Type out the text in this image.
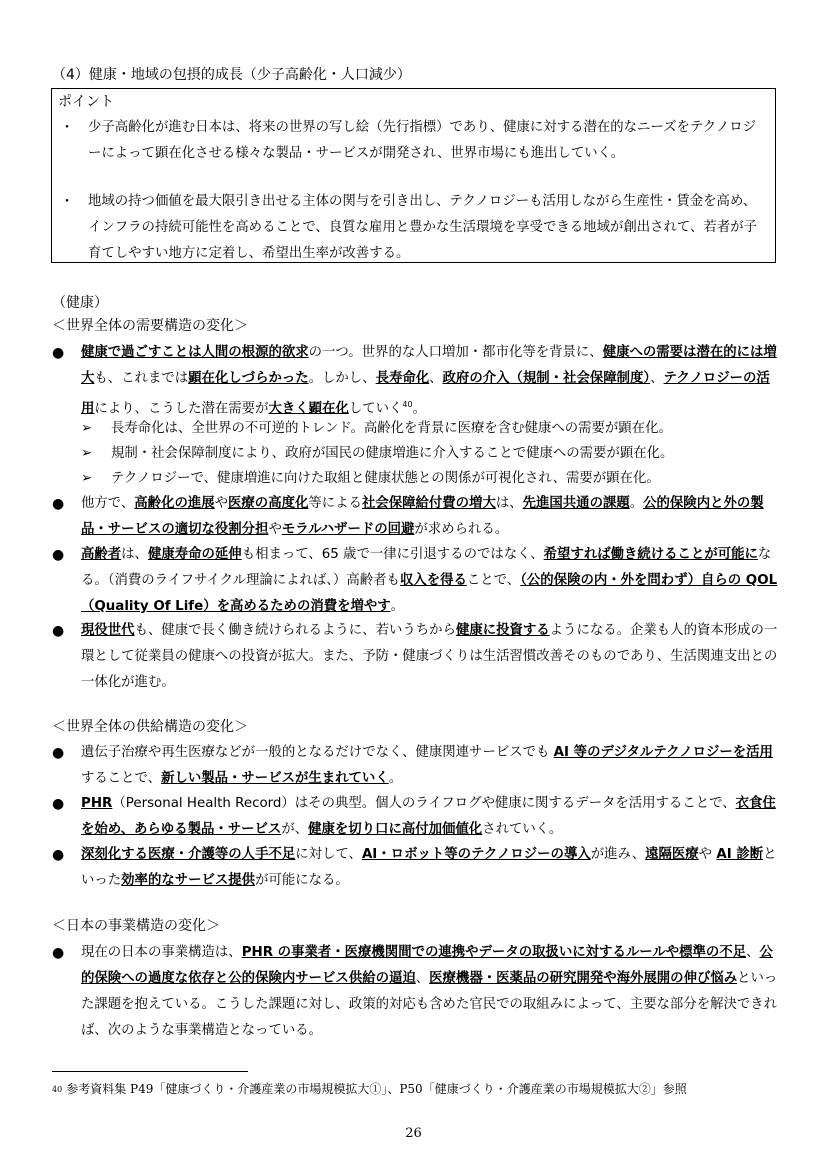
（4）健康・地域の包摂的成長（少子高齢化・人口減少）
ポイント
・ 少子高齢化が進む日本は、将来の世界の写し絵（先行指標）であり、健康に対する潜在的なニーズをテクノロジーによって顕在化させる様々な製品・サービスが開発され、世界市場にも進出していく。
・ 地域の持つ価値を最大限引き出せる主体の関与を引き出し、テクノロジーも活用しながら生産性・賃金を高め、インフラの持続可能性を高めることで、良質な雇用と豊かな生活環境を享受できる地域が創出されて、若者が子育てしやすい地方に定着し、希望出生率が改善する。
（健康）
＜世界全体の需要構造の変化＞
● 健康で過ごすことは人間の根源的欲求の一つ。世界的な人口増加・都市化等を背景に、健康への需要は潜在的には増大も、これまでは顕在化しづらかった。しかし、長寿命化、政府の介入（規制・社会保障制度）、テクノロジーの活用により、こうした潜在需要が大きく顕在化していく$^{40}$。
➢ 長寿命化は、全世界の不可逆的トレンド。高齢化を背景に医療を含む健康への需要が顕在化。
➢ 規制・社会保障制度により、政府が国民の健康増進に介入することで健康への需要が顕在化。
➢ テクノロジーで、健康増進に向けた取組と健康状態との関係が可視化され、需要が顕在化。
● 他方で、高齢化の進展や医療の高度化等による社会保障給付費の増大は、先進国共通の課題。公的保険内と外の製品・サービスの適切な役割分担やモラルハザードの回避が求められる。
● 高齢者は、健康寿命の延伸も相まって、65 歳で一律に引退するのではなく、希望すれば働き続けることが可能になる。（消費のライフサイクル理論によれば、）高齢者も収入を得ることで、（公的保険の内・外を問わず）自らの QOL（Quality Of Life）を高めるための消費を増やす。
● 現役世代も、健康で長く働き続けられるように、若いうちから健康に投資するようになる。企業も人的資本形成の一環として従業員の健康への投資が拡大。また、予防・健康づくりは生活習慣改善そのものであり、生活関連支出との一体化が進む。
＜世界全体の供給構造の変化＞
● 遺伝子治療や再生医療などが一般的となるだけでなく、健康関連サービスでも AI 等のデジタルテクノロジーを活用することで、新しい製品・サービスが生まれていく。
● PHR（Personal Health Record）はその典型。個人のライフログや健康に関するデータを活用することで、衣食住を始め、あらゆる製品・サービスが、健康を切り口に高付加価値化されていく。
● 深刻化する医療・介護等の人手不足に対して、AI・ロボット等のテクノロジーの導入が進み、遠隔医療や AI 診断といった効率的なサービス提供が可能になる。
＜日本の事業構造の変化＞
● 現在の日本の事業構造は、PHR の事業者・医療機関間での連携やデータの取扱いに対するルールや標準の不足、公的保険への過度な依存と公的保険内サービス供給の逼迫、医療機器・医薬品の研究開発や海外展開の伸び悩みといった課題を抱えている。こうした課題に対し、政策的対応も含めた官民での取組みによって、主要な部分を解決できれば、次のような事業構造となっている。
$^{40}$ 参考資料集 P49「健康づくり・介護産業の市場規模拡大①」、P50「健康づくり・介護産業の市場規模拡大②」参照
26
